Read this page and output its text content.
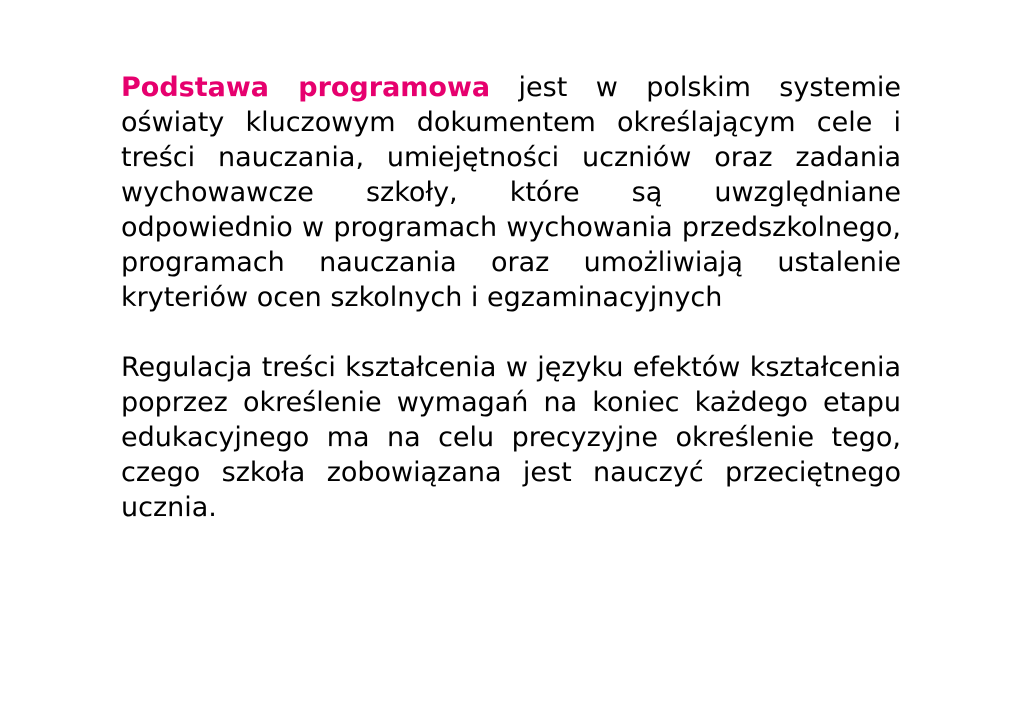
Podstawa programowa jest w polskim systemie oświaty kluczowym dokumentem określającym cele i treści nauczania, umiejętności uczniów oraz zadania wychowawcze szkoły, które są uwzględniane odpowiednio w programach wychowania przedszkolnego, programach nauczania oraz umożliwiają ustalenie kryteriów ocen szkolnych i egzaminacyjnych

Regulacja treści kształcenia w języku efektów kształcenia poprzez określenie wymagań na koniec każdego etapu edukacyjnego ma na celu precyzyjne określenie tego, czego szkoła zobowiązana jest nauczyć przeciętnego ucznia.
